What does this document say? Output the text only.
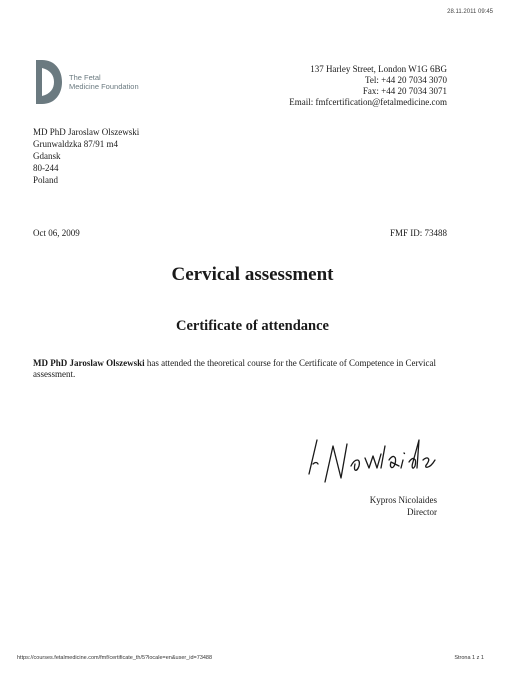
28.11.2011 09:45
The Fetal
Medicine Foundation
137 Harley Street, London W1G 6BG
Tel: +44 20 7034 3070
Fax: +44 20 7034 3071
Email: fmfcertification@fetalmedicine.com
MD PhD Jaroslaw Olszewski
Grunwaldzka 87/91 m4
Gdansk
80-244
Poland
Oct 06, 2009	FMF ID: 73488
Cervical assessment
Certificate of attendance
MD PhD Jaroslaw Olszewski has attended the theoretical course for the Certificate of Competence in Cervical assessment.
Kypros Nicolaides
Director
https://courses.fetalmedicine.com/fmf/certificate_th/5?locale=en&user_id=73488	Strona 1 z 1
